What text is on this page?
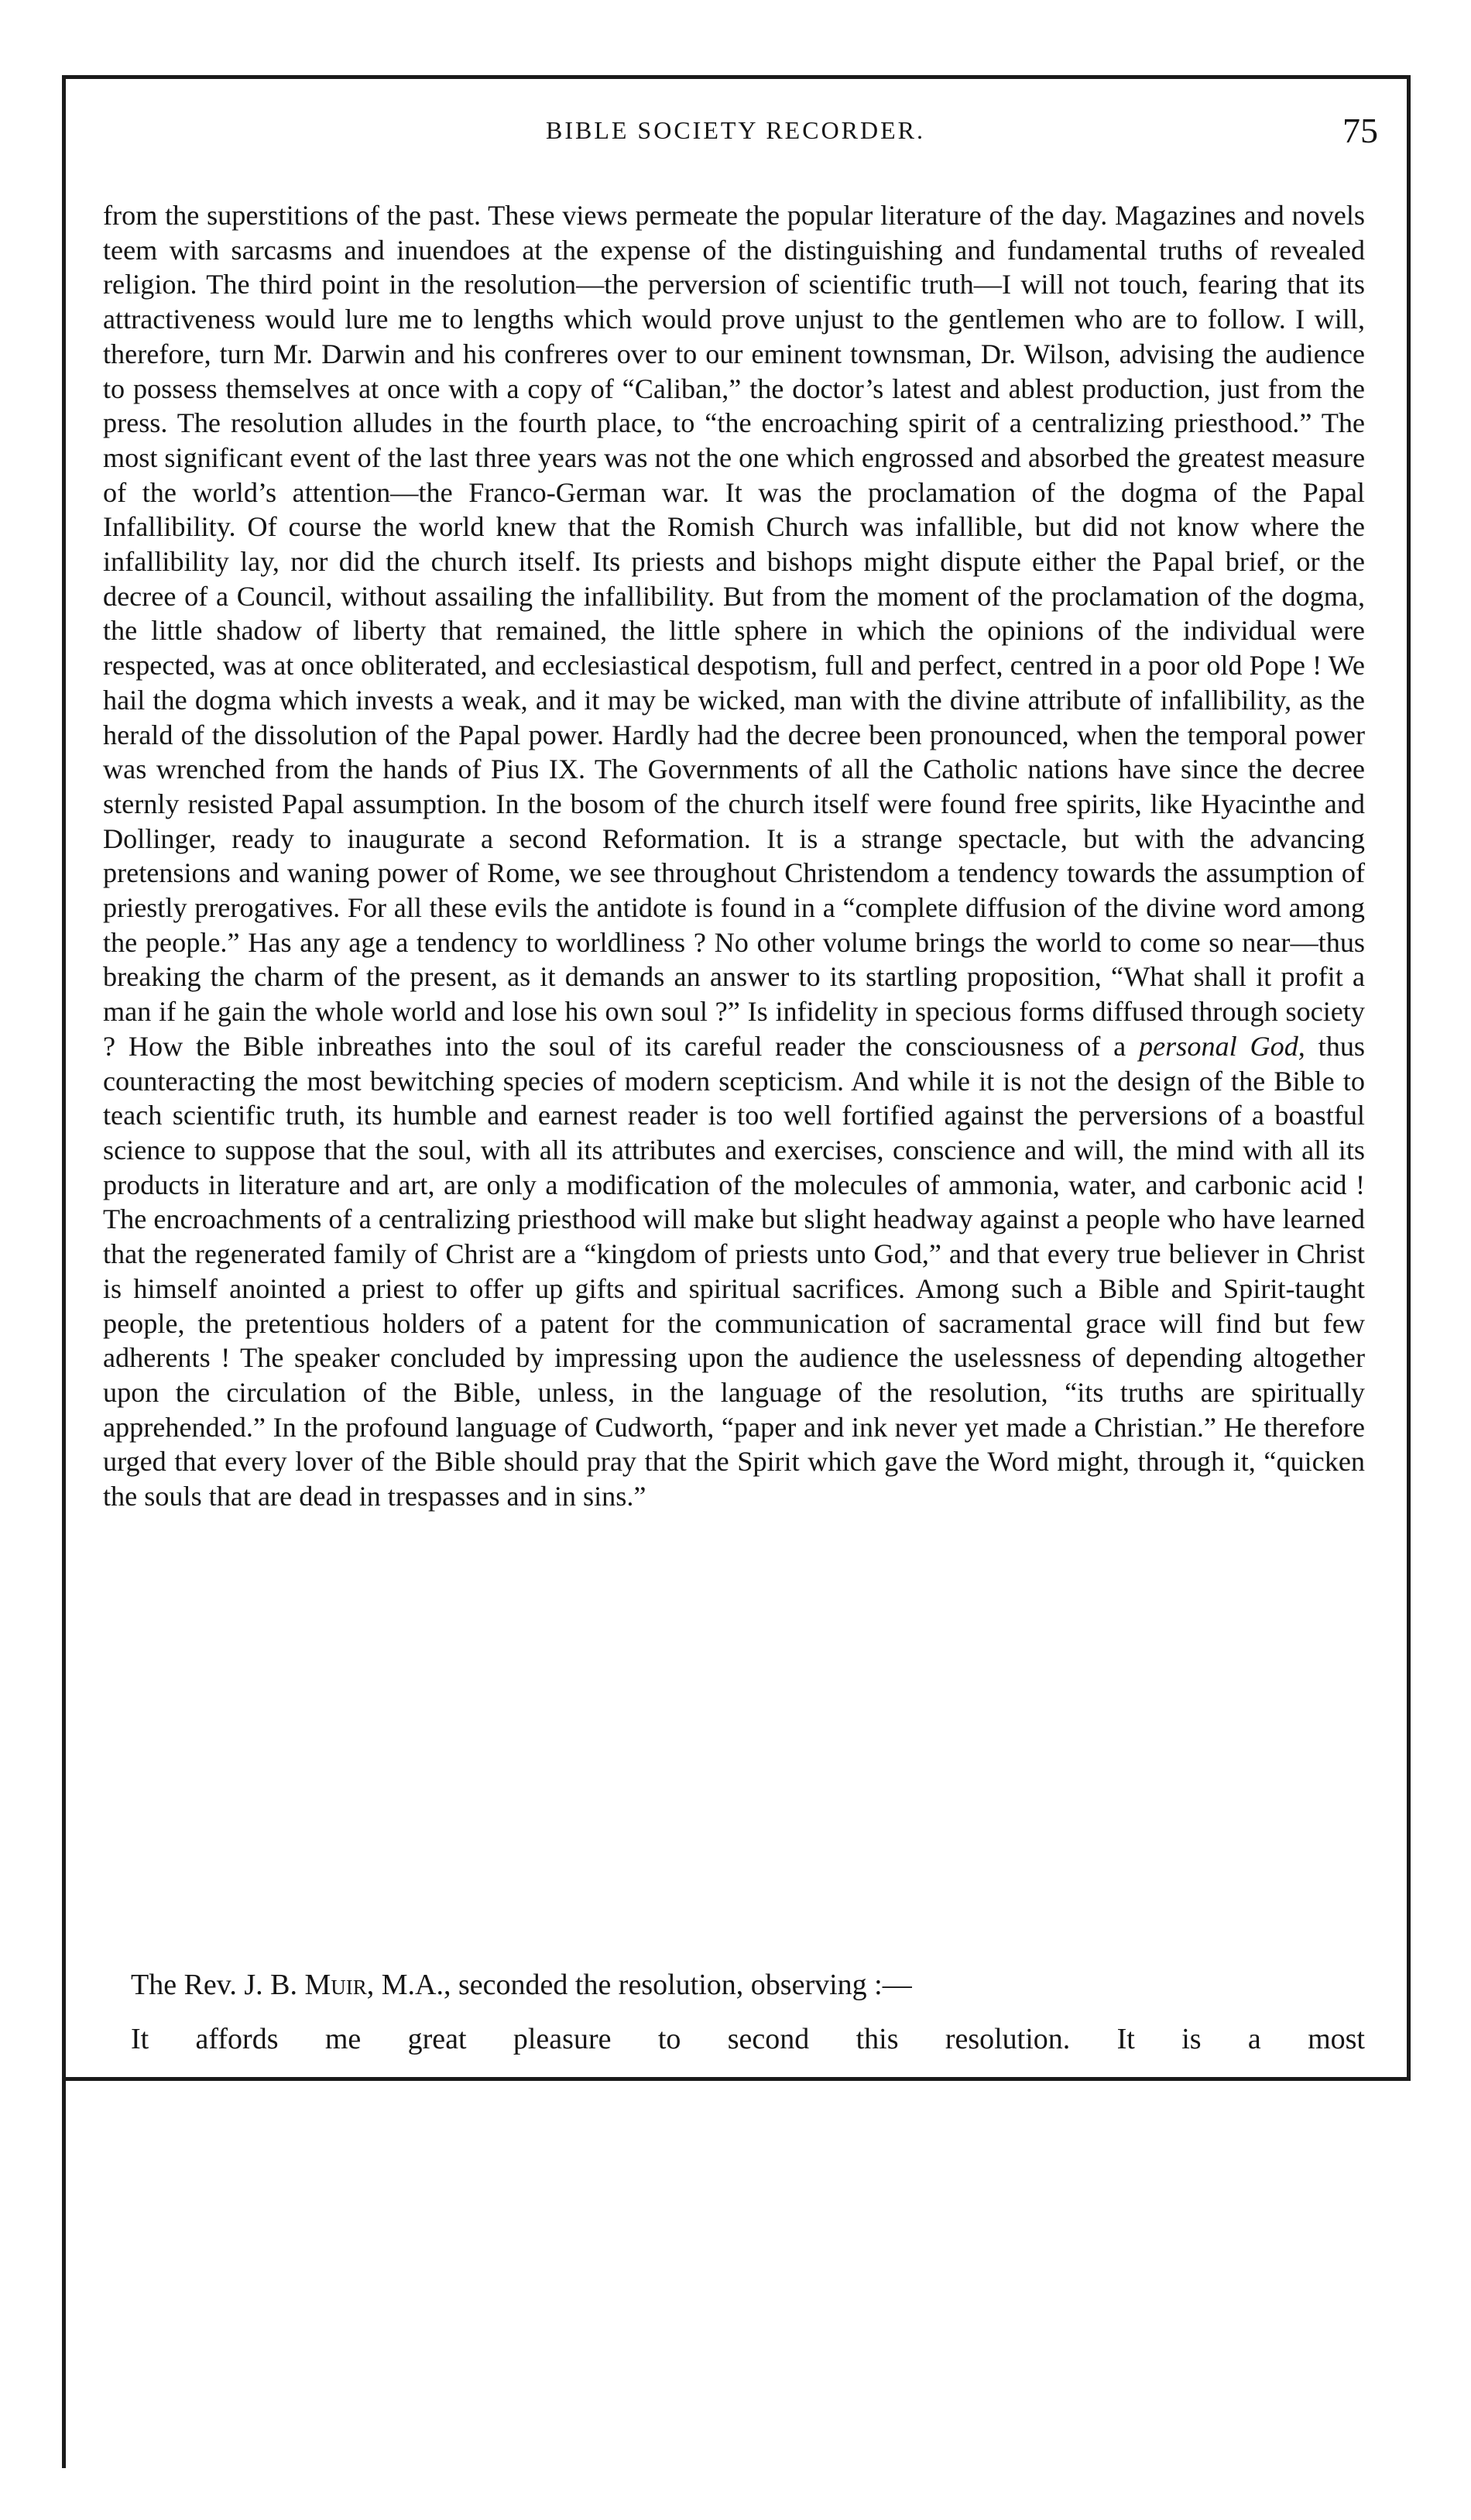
BIBLE SOCIETY RECORDER.	75

from the superstitions of the past. These views permeate the popular literature of the day. Magazines and novels teem with sarcasms and inuendoes at the expense of the distinguishing and fundamental truths of revealed religion. The third point in the resolution—the perversion of scientific truth—I will not touch, fearing that its attractiveness would lure me to lengths which would prove unjust to the gentlemen who are to follow. I will, therefore, turn Mr. Darwin and his confreres over to our eminent townsman, Dr. Wilson, advising the audience to possess themselves at once with a copy of “Caliban,” the doctor’s latest and ablest production, just from the press. The resolution alludes in the fourth place, to “the encroaching spirit of a centralizing priesthood.” The most significant event of the last three years was not the one which engrossed and absorbed the greatest measure of the world’s attention—the Franco-German war. It was the proclamation of the dogma of the Papal Infallibility. Of course the world knew that the Romish Church was infallible, but did not know where the infallibility lay, nor did the church itself. Its priests and bishops might dispute either the Papal brief, or the decree of a Council, without assailing the infallibility. But from the moment of the proclamation of the dogma, the little shadow of liberty that remained, the little sphere in which the opinions of the individual were respected, was at once obliterated, and ecclesiastical despotism, full and perfect, centred in a poor old Pope ! We hail the dogma which invests a weak, and it may be wicked, man with the divine attribute of infallibility, as the herald of the dissolution of the Papal power. Hardly had the decree been pronounced, when the temporal power was wrenched from the hands of Pius IX. The Governments of all the Catholic nations have since the decree sternly resisted Papal assumption. In the bosom of the church itself were found free spirits, like Hyacinthe and Dollinger, ready to inaugurate a second Reformation. It is a strange spectacle, but with the advancing pretensions and waning power of Rome, we see throughout Christendom a tendency towards the assumption of priestly prerogatives. For all these evils the antidote is found in a “complete diffusion of the divine word among the people.” Has any age a tendency to worldliness ? No other volume brings the world to come so near—thus breaking the charm of the present, as it demands an answer to its startling proposition, “What shall it profit a man if he gain the whole world and lose his own soul ?” Is infidelity in specious forms diffused through society ? How the Bible inbreathes into the soul of its careful reader the consciousness of a personal God, thus counteracting the most bewitching species of modern scepticism. And while it is not the design of the Bible to teach scientific truth, its humble and earnest reader is too well fortified against the perversions of a boastful science to suppose that the soul, with all its attributes and exercises, conscience and will, the mind with all its products in literature and art, are only a modification of the molecules of ammonia, water, and carbonic acid ! The encroachments of a centralizing priesthood will make but slight headway against a people who have learned that the regenerated family of Christ are a “kingdom of priests unto God,” and that every true believer in Christ is himself anointed a priest to offer up gifts and spiritual sacrifices. Among such a Bible and Spirit-taught people, the pretentious holders of a patent for the communication of sacramental grace will find but few adherents ! The speaker concluded by impressing upon the audience the uselessness of depending altogether upon the circulation of the Bible, unless, in the language of the resolution, “its truths are spiritually apprehended.” In the profound language of Cudworth, “paper and ink never yet made a Christian.” He therefore urged that every lover of the Bible should pray that the Spirit which gave the Word might, through it, “quicken the souls that are dead in trespasses and in sins.”

The Rev. J. B. Muir, M.A., seconded the resolution, observing :—

It affords me great pleasure to second this resolution. It is a most
